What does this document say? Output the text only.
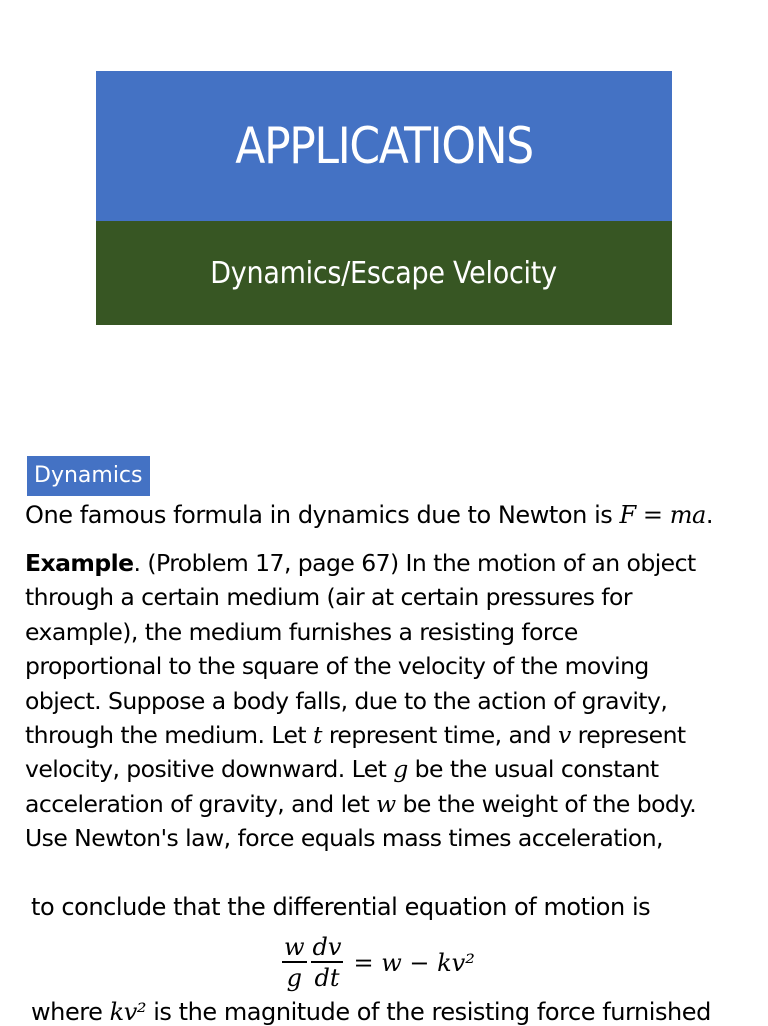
APPLICATIONS
Dynamics/Escape Velocity
Dynamics
One famous formula in dynamics due to Newton is F = ma.
Example. (Problem 17, page 67) In the motion of an object
through a certain medium (air at certain pressures for
example), the medium furnishes a resisting force
proportional to the square of the velocity of the moving
object. Suppose a body falls, due to the action of gravity,
through the medium. Let t represent time, and v represent
velocity, positive downward. Let g be the usual constant
acceleration of gravity, and let w be the weight of the body.
Use Newton's law, force equals mass times acceleration,
to conclude that the differential equation of motion is
$\frac{w}{g} \frac{dv}{dt} = w - kv^2$
where kv² is the magnitude of the resisting force furnished
